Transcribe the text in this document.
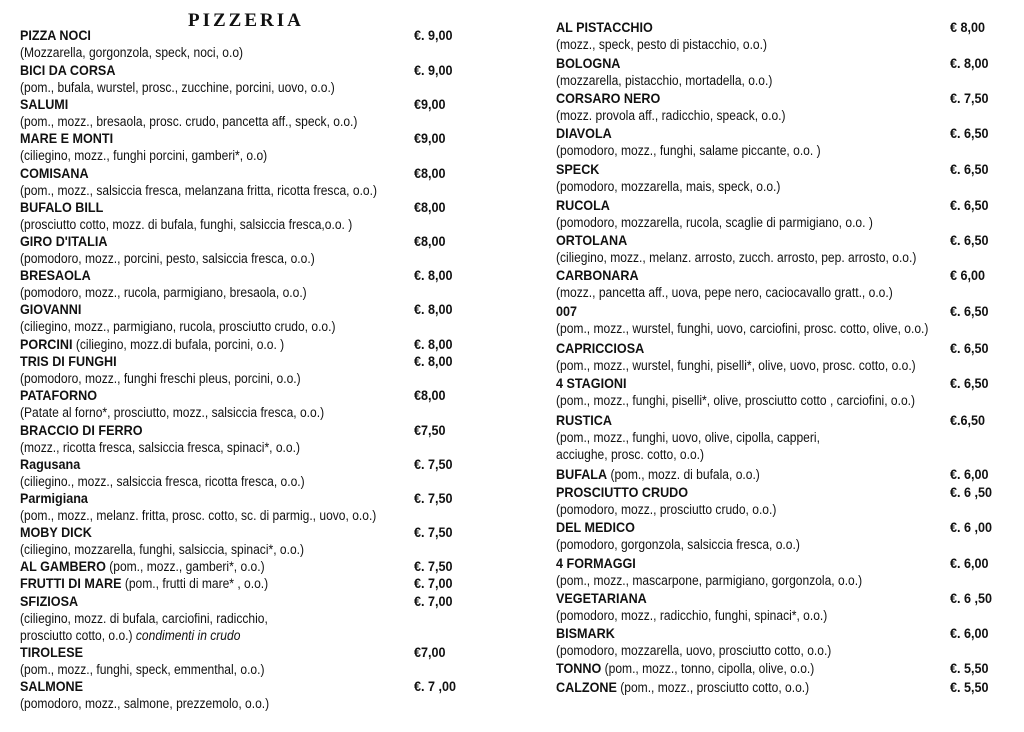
PIZZERIA
PIZZA NOCI	€. 9,00
(Mozzarella, gorgonzola, speck, noci, o.o)
BICI DA CORSA	€. 9,00
(pom., bufala, wurstel, prosc., zucchine, porcini, uovo, o.o.)
SALUMI	€9,00
(pom., mozz., bresaola, prosc. crudo, pancetta aff., speck, o.o.)
MARE E MONTI	€9,00
(ciliegino, mozz., funghi porcini, gamberi*, o.o)
COMISANA	€8,00
(pom., mozz., salsiccia fresca, melanzana fritta, ricotta fresca, o.o.)
BUFALO BILL	€8,00
(prosciutto cotto, mozz. di bufala, funghi, salsiccia fresca,o.o. )
GIRO D'ITALIA	€8,00
(pomodoro, mozz., porcini, pesto, salsiccia fresca, o.o.)
BRESAOLA	€. 8,00
(pomodoro, mozz., rucola, parmigiano, bresaola, o.o.)
GIOVANNI	€. 8,00
(ciliegino, mozz., parmigiano, rucola, prosciutto crudo, o.o.)
PORCINI (ciliegino, mozz.di bufala, porcini, o.o. )	€. 8,00
TRIS DI FUNGHI	€. 8,00
(pomodoro, mozz., funghi freschi pleus, porcini, o.o.)
PATAFORNO	€8,00
(Patate al forno*, prosciutto, mozz., salsiccia fresca, o.o.)
BRACCIO DI FERRO	€7,50
(mozz., ricotta fresca, salsiccia fresca, spinaci*, o.o.)
Ragusana	€. 7,50
(ciliegino., mozz., salsiccia fresca, ricotta fresca, o.o.)
Parmigiana	€. 7,50
(pom., mozz., melanz. fritta, prosc. cotto, sc. di parmig., uovo, o.o.)
MOBY DICK	€. 7,50
(ciliegino, mozzarella, funghi, salsiccia, spinaci*, o.o.)
AL GAMBERO (pom., mozz., gamberi*, o.o.)	€. 7,50
FRUTTI DI MARE (pom., frutti di mare* , o.o.)	€. 7,00
SFIZIOSA	€. 7,00
(ciliegino, mozz. di bufala, carciofini, radicchio,
prosciutto cotto, o.o.) condimenti in crudo
TIROLESE	€7,00
(pom., mozz., funghi, speck, emmenthal, o.o.)
SALMONE	€. 7 ,00
(pomodoro, mozz., salmone, prezzemolo, o.o.)
AL PISTACCHIO	€ 8,00
(mozz., speck, pesto di pistacchio, o.o.)
BOLOGNA	€. 8,00
(mozzarella, pistacchio, mortadella, o.o.)
CORSARO NERO	€. 7,50
(mozz. provola aff., radicchio, speack, o.o.)
DIAVOLA	€. 6,50
(pomodoro, mozz., funghi, salame piccante, o.o. )
SPECK	€. 6,50
(pomodoro, mozzarella, mais, speck, o.o.)
RUCOLA	€. 6,50
(pomodoro, mozzarella, rucola, scaglie di parmigiano, o.o. )
ORTOLANA	€. 6,50
(ciliegino, mozz., melanz. arrosto, zucch. arrosto, pep. arrosto, o.o.)
CARBONARA	€ 6,00
(mozz., pancetta aff., uova, pepe nero, caciocavallo gratt., o.o.)
007	€. 6,50
(pom., mozz., wurstel, funghi, uovo, carciofini, prosc. cotto, olive, o.o.)
CAPRICCIOSA	€. 6,50
(pom., mozz., wurstel, funghi, piselli*, olive, uovo, prosc. cotto, o.o.)
4 STAGIONI	€. 6,50
(pom., mozz., funghi, piselli*, olive, prosciutto cotto , carciofini, o.o.)
RUSTICA	€.6,50
(pom., mozz., funghi, uovo, olive, cipolla, capperi,
acciughe, prosc. cotto, o.o.)
BUFALA (pom., mozz. di bufala, o.o.)	€. 6,00
PROSCIUTTO CRUDO	€. 6 ,50
(pomodoro, mozz., prosciutto crudo, o.o.)
DEL MEDICO	€. 6 ,00
(pomodoro, gorgonzola, salsiccia fresca, o.o.)
4 FORMAGGI	€. 6,00
(pom., mozz., mascarpone, parmigiano, gorgonzola, o.o.)
VEGETARIANA	€. 6 ,50
(pomodoro, mozz., radicchio, funghi, spinaci*, o.o.)
BISMARK	€. 6,00
(pomodoro, mozzarella, uovo, prosciutto cotto, o.o.)
TONNO (pom., mozz., tonno, cipolla, olive, o.o.)	€. 5,50
CALZONE (pom., mozz., prosciutto cotto, o.o.)	€. 5,50
